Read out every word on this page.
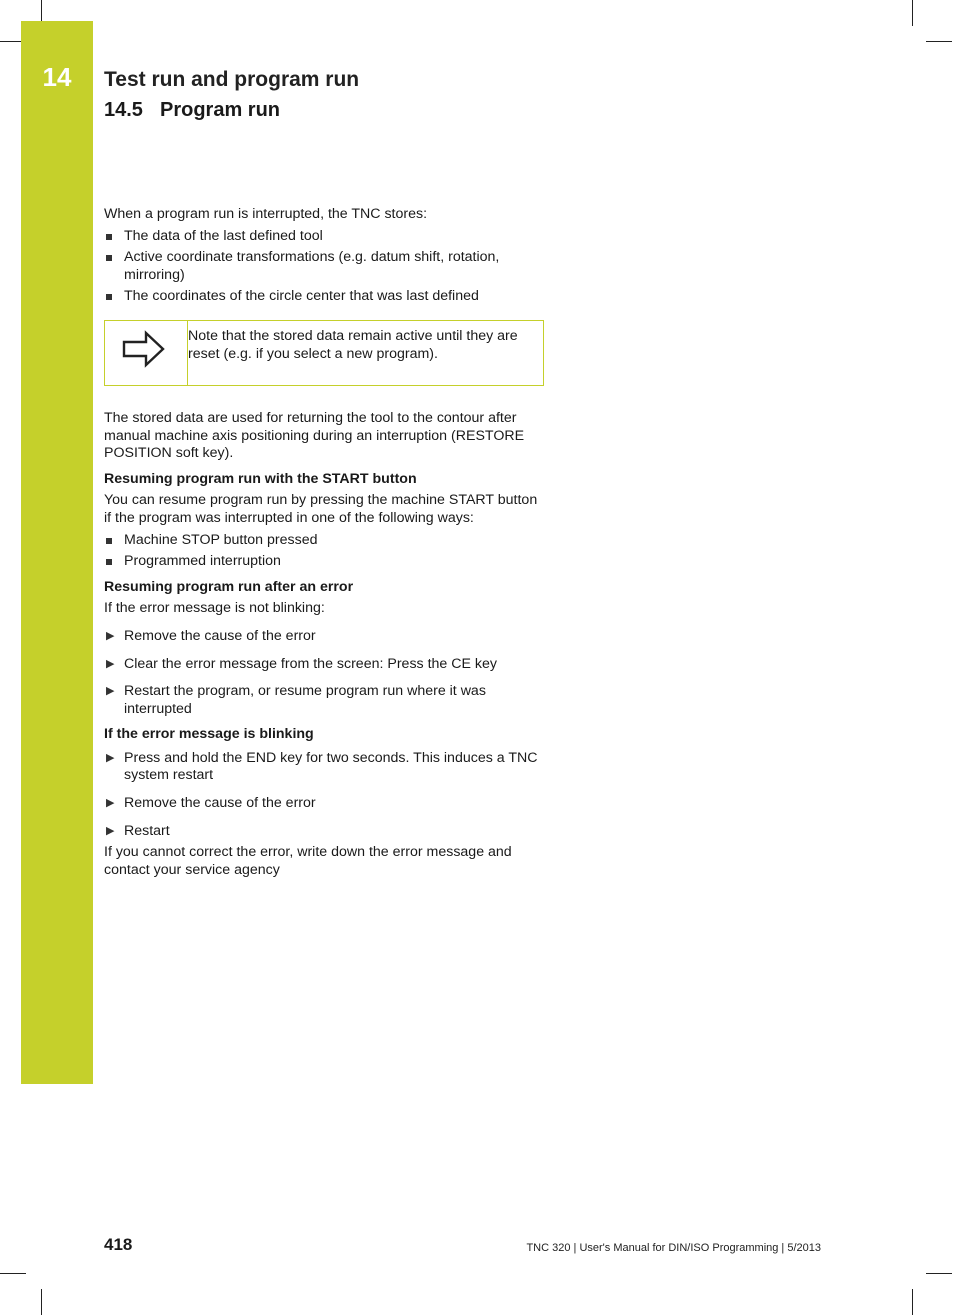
14	Test run and program run
14.5 Program run

When a program run is interrupted, the TNC stores:

The data of the last defined tool
Active coordinate transformations (e.g. datum shift, rotation, mirroring)
The coordinates of the circle center that was last defined
Note that the stored data remain active until they are reset (e.g. if you select a new program).

The stored data are used for returning the tool to the contour after manual machine axis positioning during an interruption (RESTORE POSITION soft key).

Resuming program run with the START button

You can resume program run by pressing the machine START button if the program was interrupted in one of the following ways:

Machine STOP button pressed
Programmed interruption
Resuming program run after an error

If the error message is not blinking:

▶ Remove the cause of the error
▶ Clear the error message from the screen: Press the CE key
▶ Restart the program, or resume program run where it was interrupted
If the error message is blinking
▶ Press and hold the END key for two seconds. This induces a TNC system restart
▶ Remove the cause of the error
▶ Restart

If you cannot correct the error, write down the error message and contact your service agency

418	TNC 320 | User's Manual for DIN/ISO Programming | 5/2013
